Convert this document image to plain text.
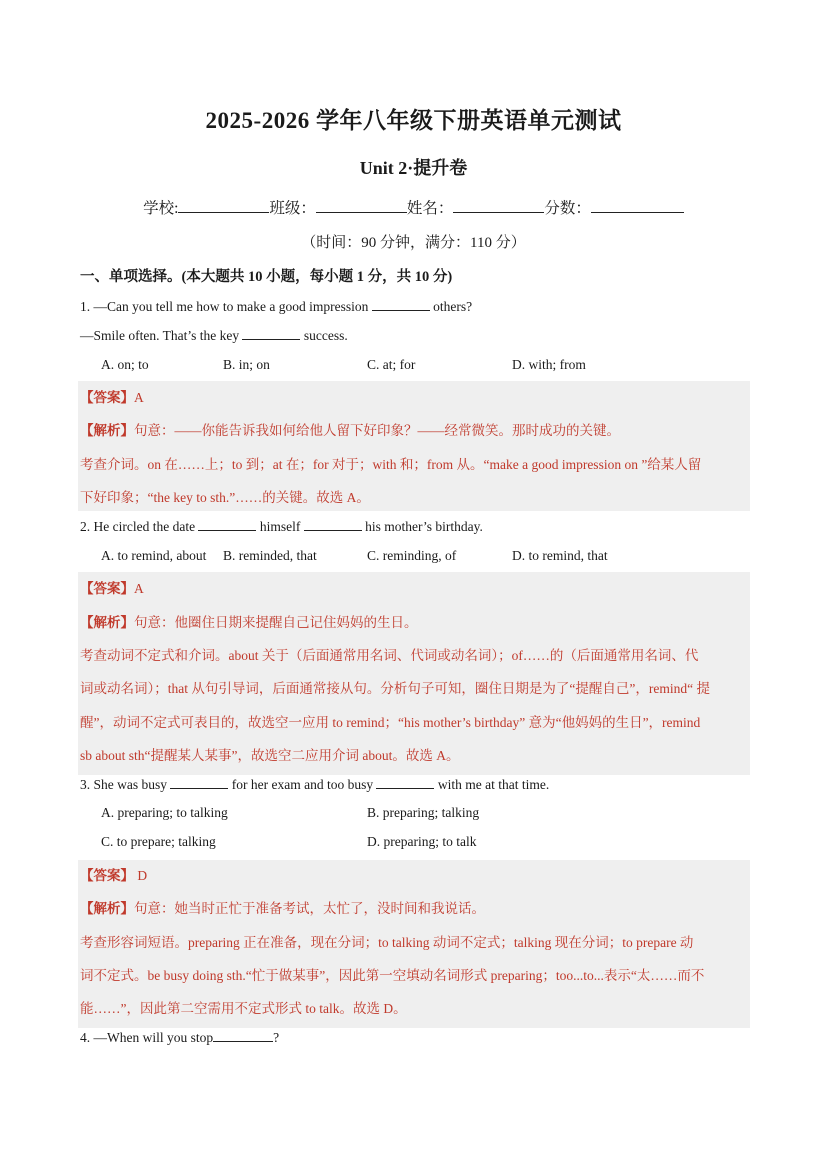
2025-2026 学年八年级下册英语单元测试
Unit 2·提升卷
学校:	班级：	姓名：	分数：
（时间：90 分钟，满分：110 分）
一、单项选择。(本大题共 10 小题，每小题 1 分，共 10 分)
1. —Can you tell me how to make a good impression	others?
—Smile often. That’s the key	success.
A. on; to	B. in; on	C. at; for	D. with; from
【答案】A
【解析】句意：——你能告诉我如何给他人留下好印象？——经常微笑。那时成功的关键。
考查介词。on 在……上；to 到；at 在；for 对于；with 和；from 从。“make a good impression on ”给某人留
下好印象；“the key to sth.”……的关键。故选 A。
2. He circled the date	himself	his mother’s birthday.
A. to remind, about B. reminded, that	C. reminding, of	D. to remind, that
【答案】A
【解析】句意：他圈住日期来提醒自己记住妈妈的生日。
考查动词不定式和介词。about 关于（后面通常用名词、代词或动名词）；of……的（后面通常用名词、代
词或动名词）；that 从句引导词，后面通常接从句。分析句子可知，圈住日期是为了“提醒自己”，remind“ 提
醒”，动词不定式可表目的，故选空一应用 to remind；“his mother’s birthday” 意为“他妈妈的生日”，remind
sb about sth“提醒某人某事”，故选空二应用介词 about。故选 A。
3. She was busy	for her exam and too busy	with me at that time.
A. preparing; to talking	B. preparing; talking
C. to prepare; talking	D. preparing; to talk
【答案】 D
【解析】句意：她当时正忙于准备考试，太忙了，没时间和我说话。
考查形容词短语。preparing 正在准备，现在分词；to talking 动词不定式；talking 现在分词；to prepare 动
词不定式。be busy doing sth.“忙于做某事”，因此第一空填动名词形式 preparing；too...to...表示“太……而不
能……”，因此第二空需用不定式形式 to talk。故选 D。
4. —When will you stop	?
